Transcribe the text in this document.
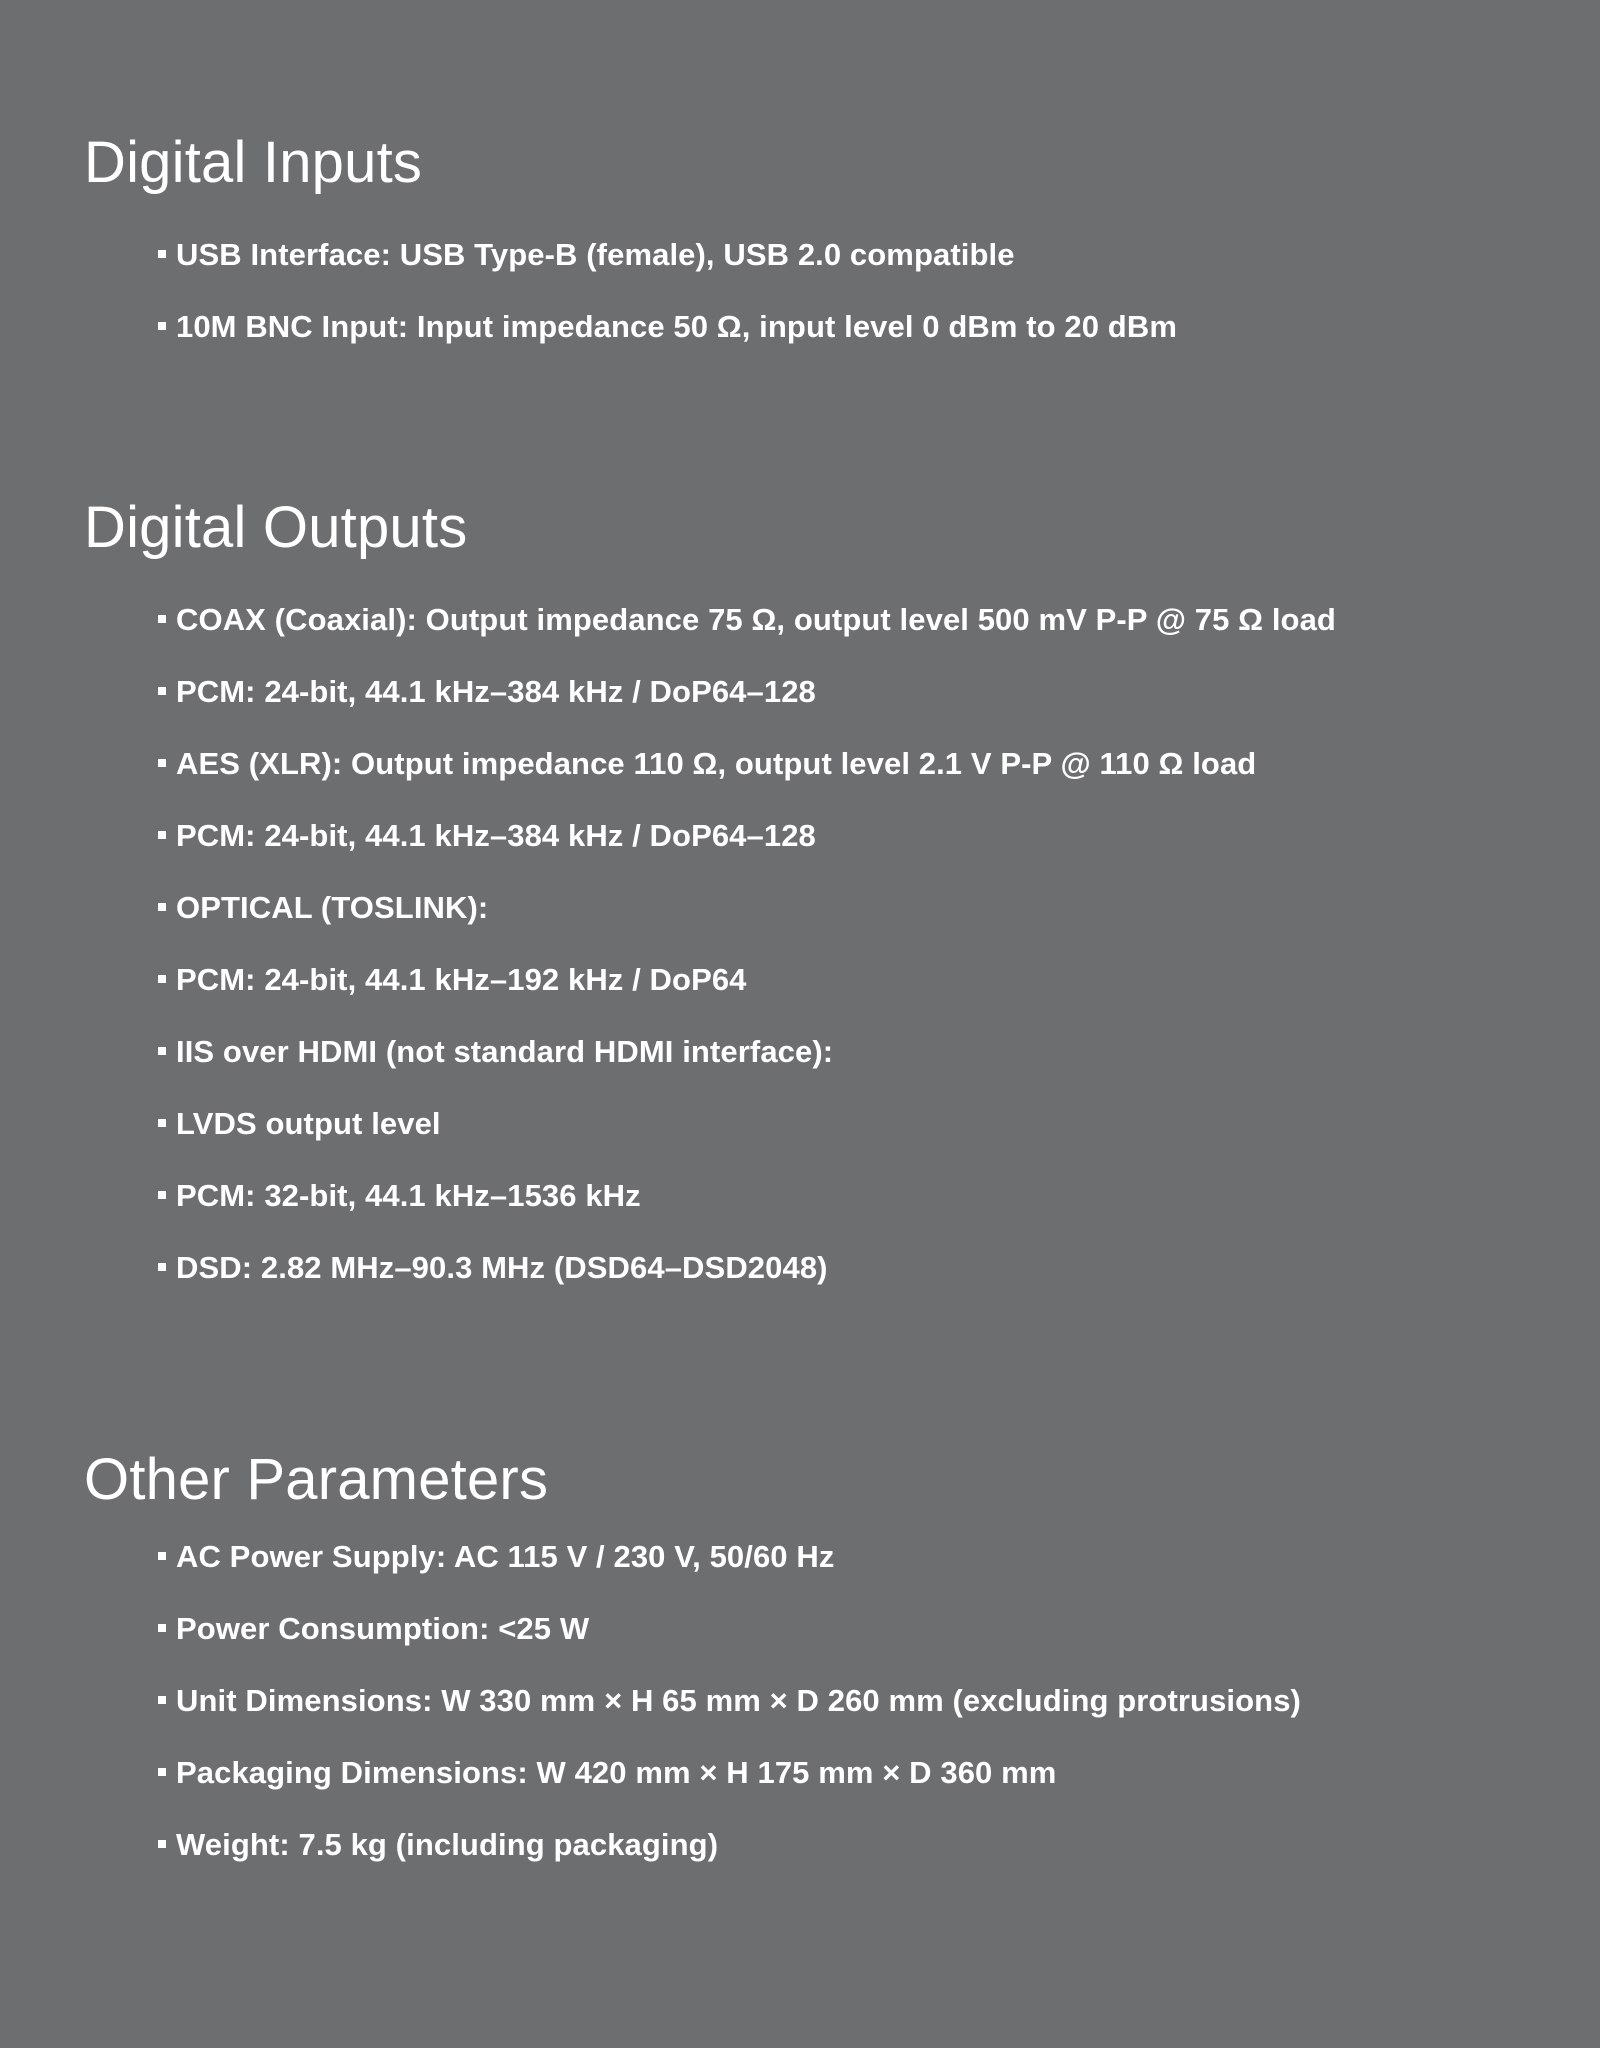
Digital Inputs
USB Interface: USB Type-B (female), USB 2.0 compatible
10M BNC Input: Input impedance 50 Ω, input level 0 dBm to 20 dBm
Digital Outputs
COAX (Coaxial): Output impedance 75 Ω, output level 500 mV P-P @ 75 Ω load
PCM: 24-bit, 44.1 kHz–384 kHz / DoP64–128
AES (XLR): Output impedance 110 Ω, output level 2.1 V P-P @ 110 Ω load
PCM: 24-bit, 44.1 kHz–384 kHz / DoP64–128
OPTICAL (TOSLINK):
PCM: 24-bit, 44.1 kHz–192 kHz / DoP64
IIS over HDMI (not standard HDMI interface):
LVDS output level
PCM: 32-bit, 44.1 kHz–1536 kHz
DSD: 2.82 MHz–90.3 MHz (DSD64–DSD2048)
Other Parameters
AC Power Supply: AC 115 V / 230 V, 50/60 Hz
Power Consumption: <25 W
Unit Dimensions: W 330 mm × H 65 mm × D 260 mm (excluding protrusions)
Packaging Dimensions: W 420 mm × H 175 mm × D 360 mm
Weight: 7.5 kg (including packaging)
